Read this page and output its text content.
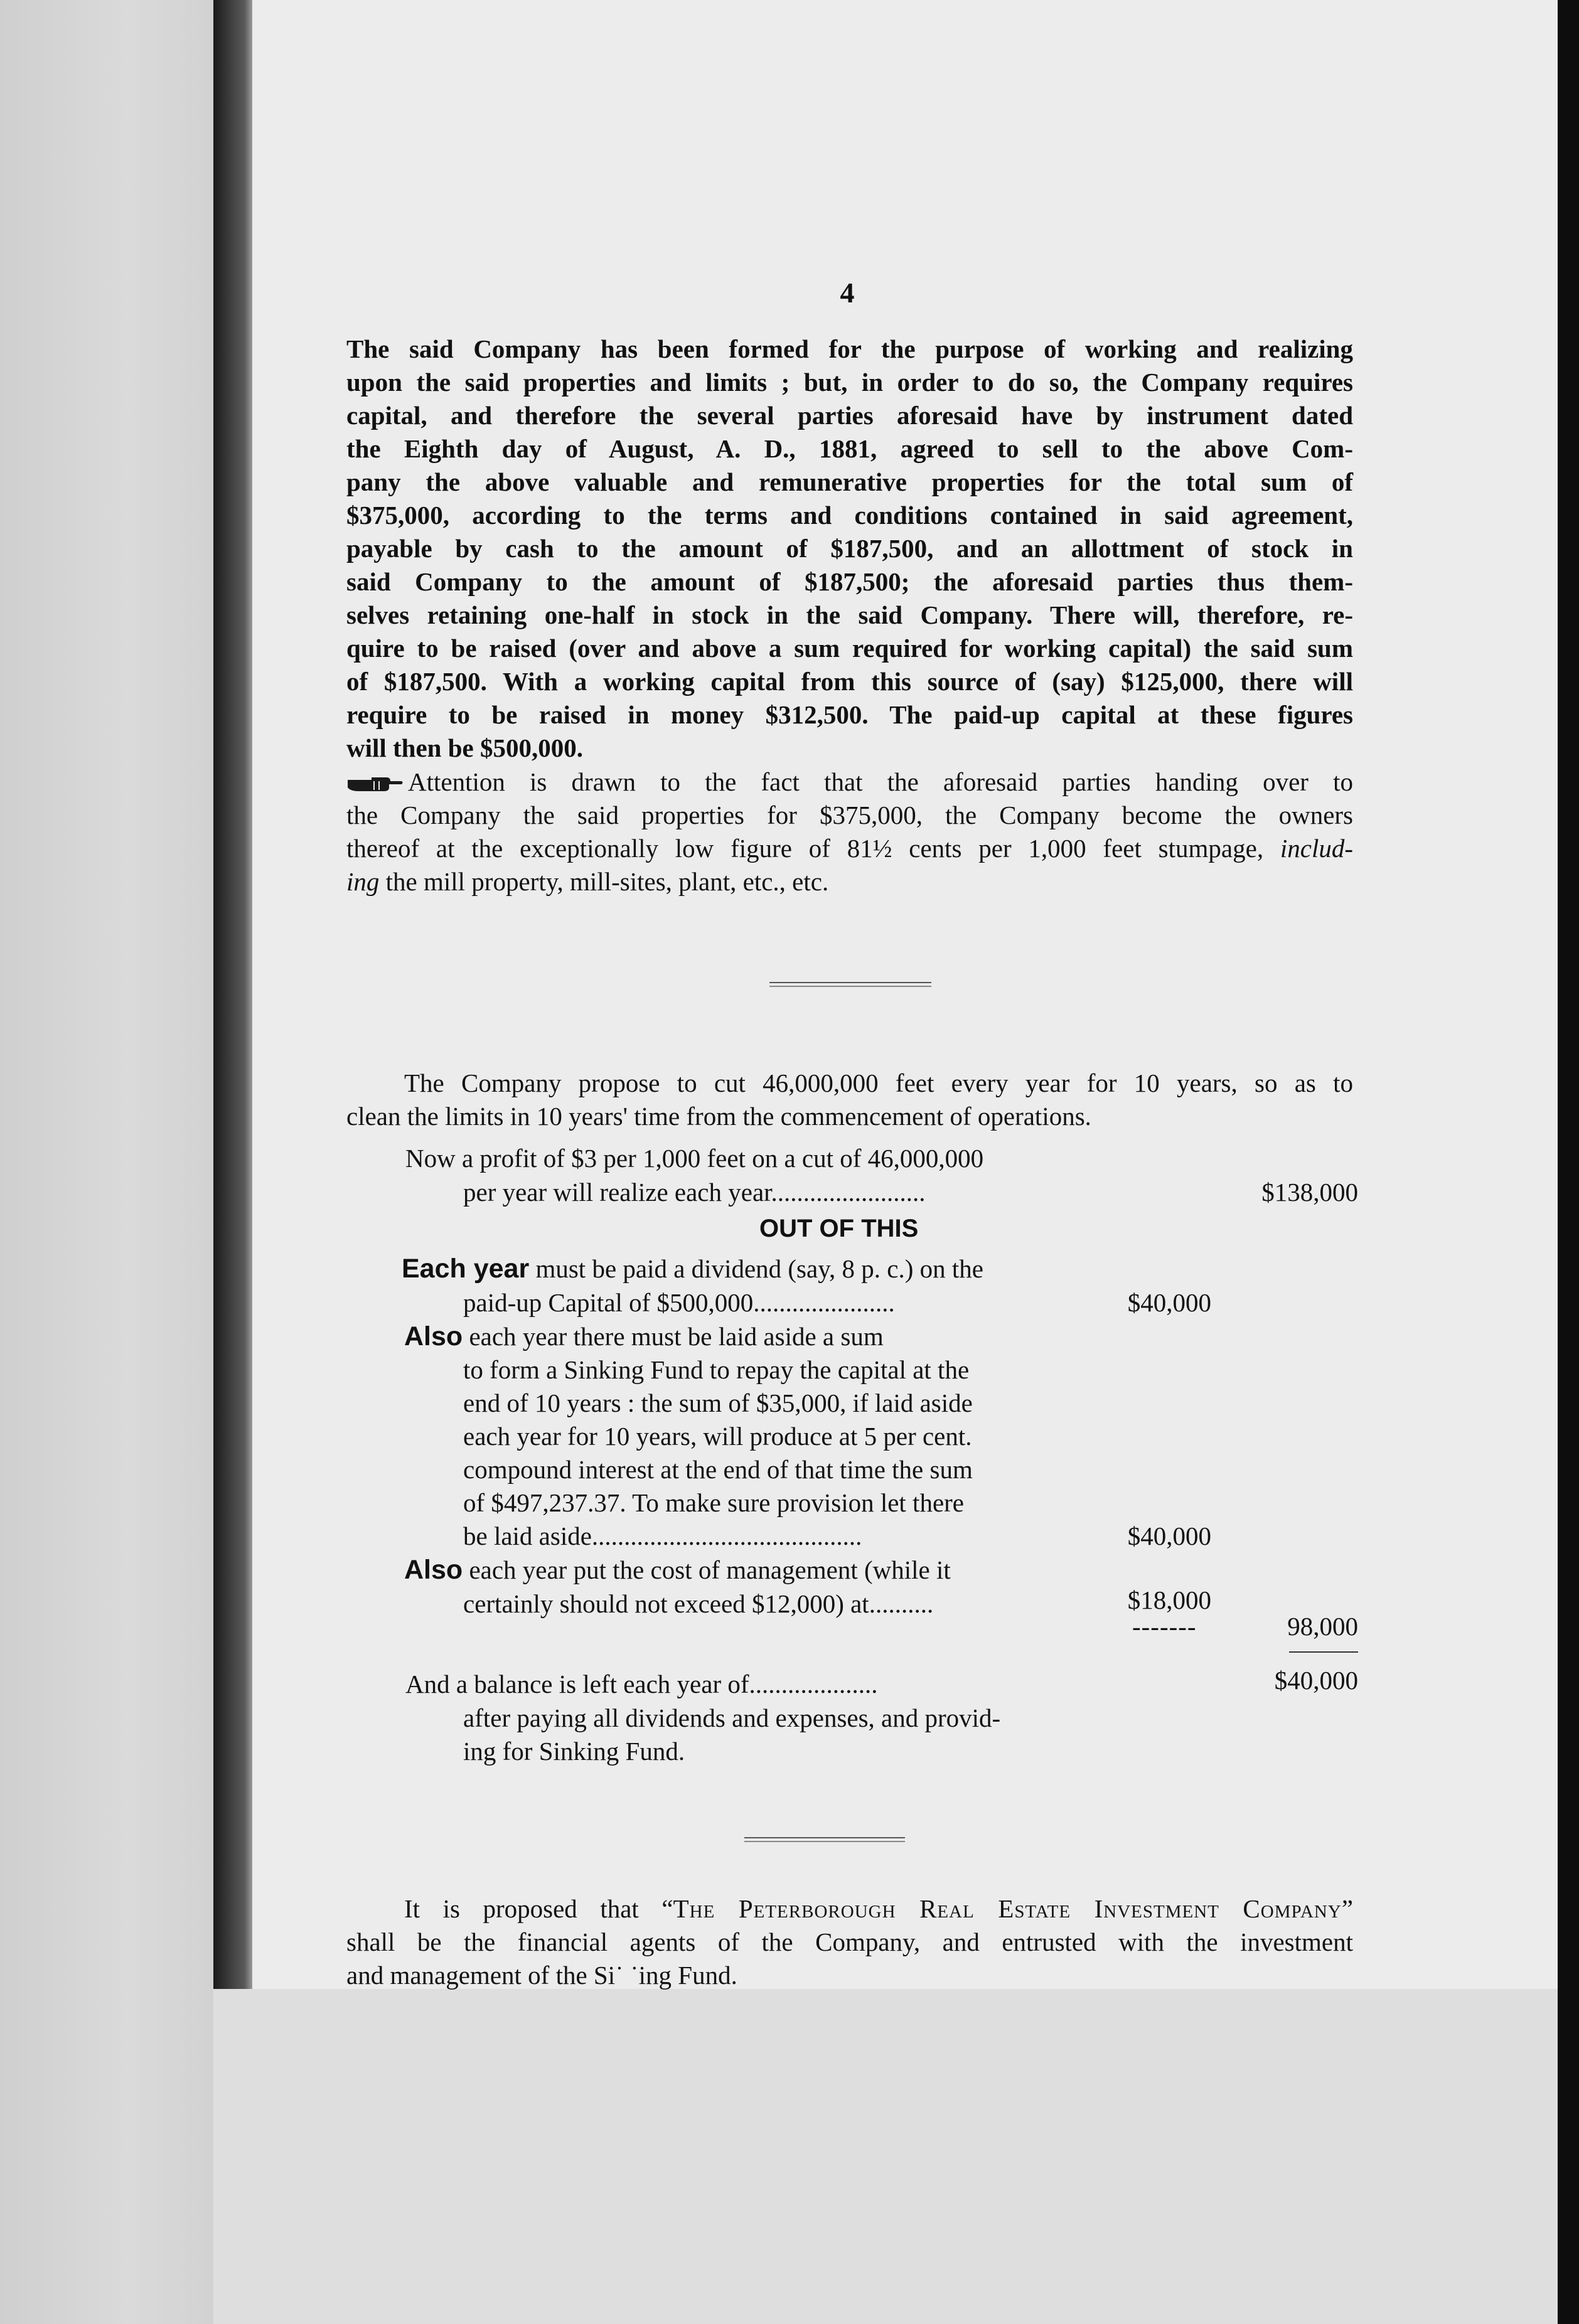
4
The said Company has been formed for the purpose of working and realizing
upon the said properties and limits ; but, in order to do so, the Company requires
capital, and therefore the several parties aforesaid have by instrument dated
the Eighth day of August, A. D., 1881, agreed to sell to the above Com-
pany the above valuable and remunerative properties for the total sum of
$375,000, according to the terms and conditions contained in said agreement,
payable by cash to the amount of $187,500, and an allottment of stock in
said Company to the amount of $187,500; the aforesaid parties thus them-
selves retaining one-half in stock in the said Company. There will, therefore, re-
quire to be raised (over and above a sum required for working capital) the said sum
of $187,500. With a working capital from this source of (say) $125,000, there will
require to be raised in money $312,500. The paid-up capital at these figures
will then be $500,000.
Attention is drawn to the fact that the aforesaid parties handing over to
the Company the said properties for $375,000, the Company become the owners
thereof at the exceptionally low figure of 81½ cents per 1,000 feet stumpage, includ-
ing the mill property, mill-sites, plant, etc., etc.
The Company propose to cut 46,000,000 feet every year for 10 years, so as to
clean the limits in 10 years' time from the commencement of operations.
Now a profit of $3 per 1,000 feet on a cut of 46,000,000
per year will realize each year........................	$138,000
OUT OF THIS
Each year must be paid a dividend (say, 8 p. c.) on the
paid-up Capital of $500,000......................	$40,000
Also each year there must be laid aside a sum
to form a Sinking Fund to repay the capital at the
end of 10 years : the sum of $35,000, if laid aside
each year for 10 years, will produce at 5 per cent.
compound interest at the end of that time the sum
of $497,237.37. To make sure provision let there
be laid aside..........................................	$40,000
Also each year put the cost of management (while it
certainly should not exceed $12,000) at..........	$18,000
-------	98,000
And a balance is left each year of....................	$40,000
after paying all dividends and expenses, and provid-
ing for Sinking Fund.
It is proposed that “The Peterborough Real Estate Investment Company”
shall be the financial agents of the Company, and entrusted with the investment
and management of the Si˙ ˙ing Fund.
